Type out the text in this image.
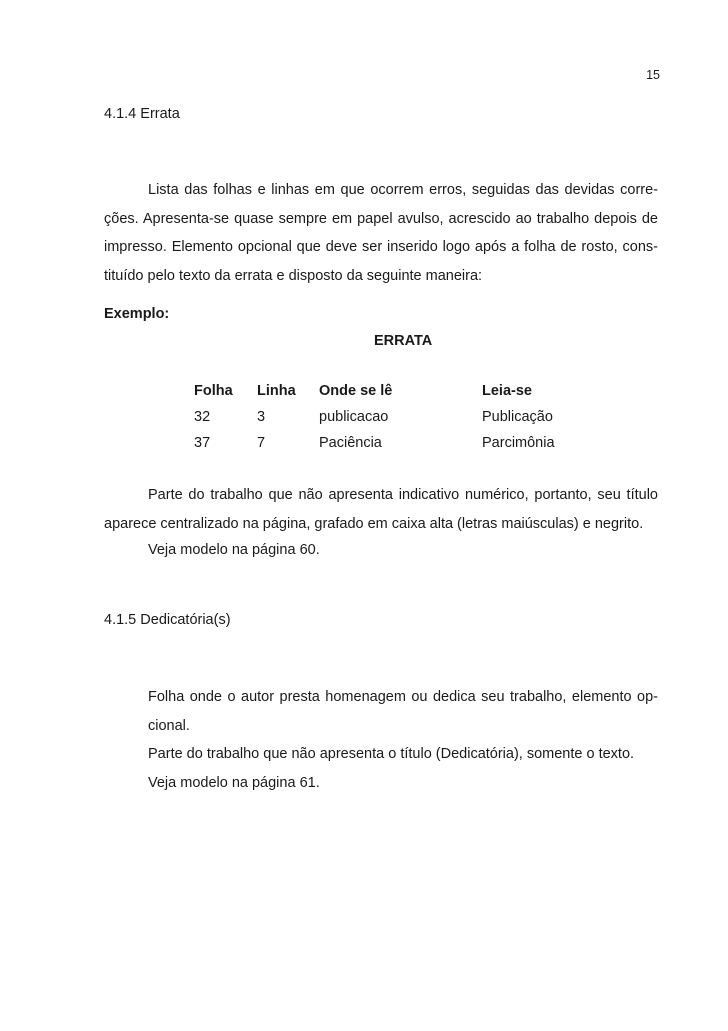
15
4.1.4 Errata
Lista das folhas e linhas em que ocorrem erros, seguidas das devidas corre-
ções. Apresenta-se quase sempre em papel avulso, acrescido ao trabalho depois de
impresso. Elemento opcional que deve ser inserido logo após a folha de rosto, cons-
tituído pelo texto da errata e disposto da seguinte maneira:
Exemplo:
ERRATA
Folha	Linha	Onde se lê	Leia-se
32	3	publicacao	Publicação
37	7	Paciência	Parcimônia
Parte do trabalho que não apresenta indicativo numérico, portanto, seu título
aparece centralizado na página, grafado em caixa alta (letras maiúsculas) e negrito.
Veja modelo na página 60.
4.1.5 Dedicatória(s)
Folha onde o autor presta homenagem ou dedica seu trabalho, elemento op-
cional.
Parte do trabalho que não apresenta o título (Dedicatória), somente o texto.
Veja modelo na página 61.
